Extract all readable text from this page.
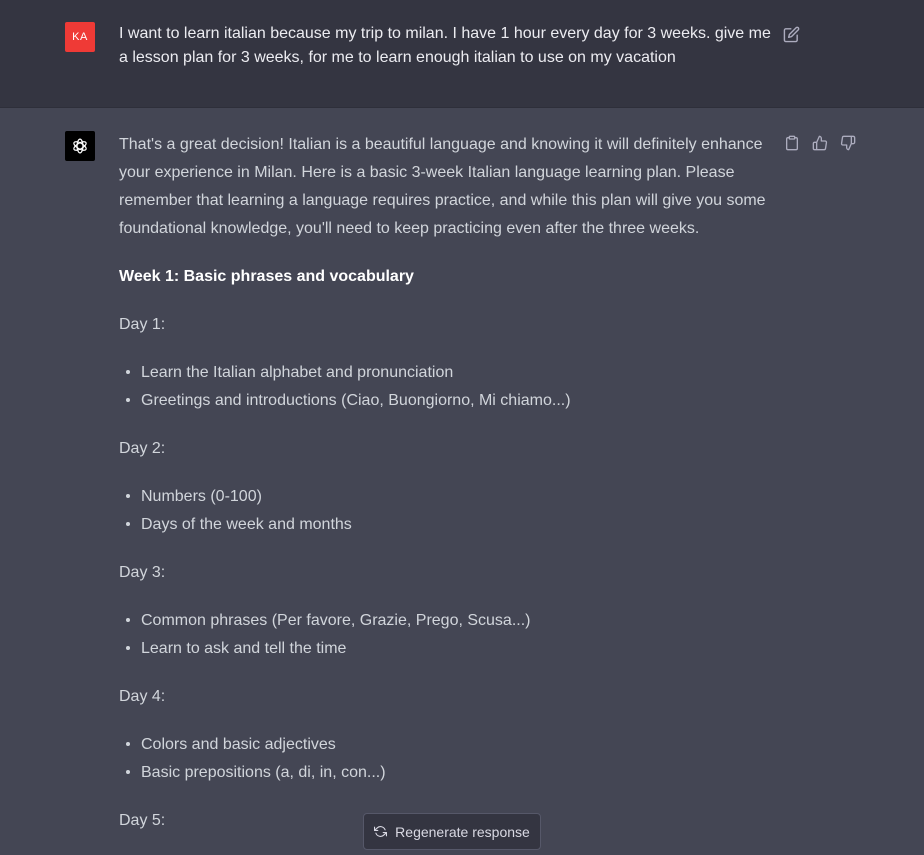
KA	I want to learn italian because my trip to milan. I have 1 hour every day for 3 weeks. give me a lesson plan for 3 weeks, for me to learn enough italian to use on my vacation

That's a great decision! Italian is a beautiful language and knowing it will definitely enhance your experience in Milan. Here is a basic 3-week Italian language learning plan. Please remember that learning a language requires practice, and while this plan will give you some foundational knowledge, you'll need to keep practicing even after the three weeks.

Week 1: Basic phrases and vocabulary

Day 1:

Learn the Italian alphabet and pronunciation
Greetings and introductions (Ciao, Buongiorno, Mi chiamo...)

Day 2:

Numbers (0-100)
Days of the week and months

Day 3:

Common phrases (Per favore, Grazie, Prego, Scusa...)
Learn to ask and tell the time

Day 4:

Colors and basic adjectives
Basic prepositions (a, di, in, con...)

Day 5:

Regenerate response
